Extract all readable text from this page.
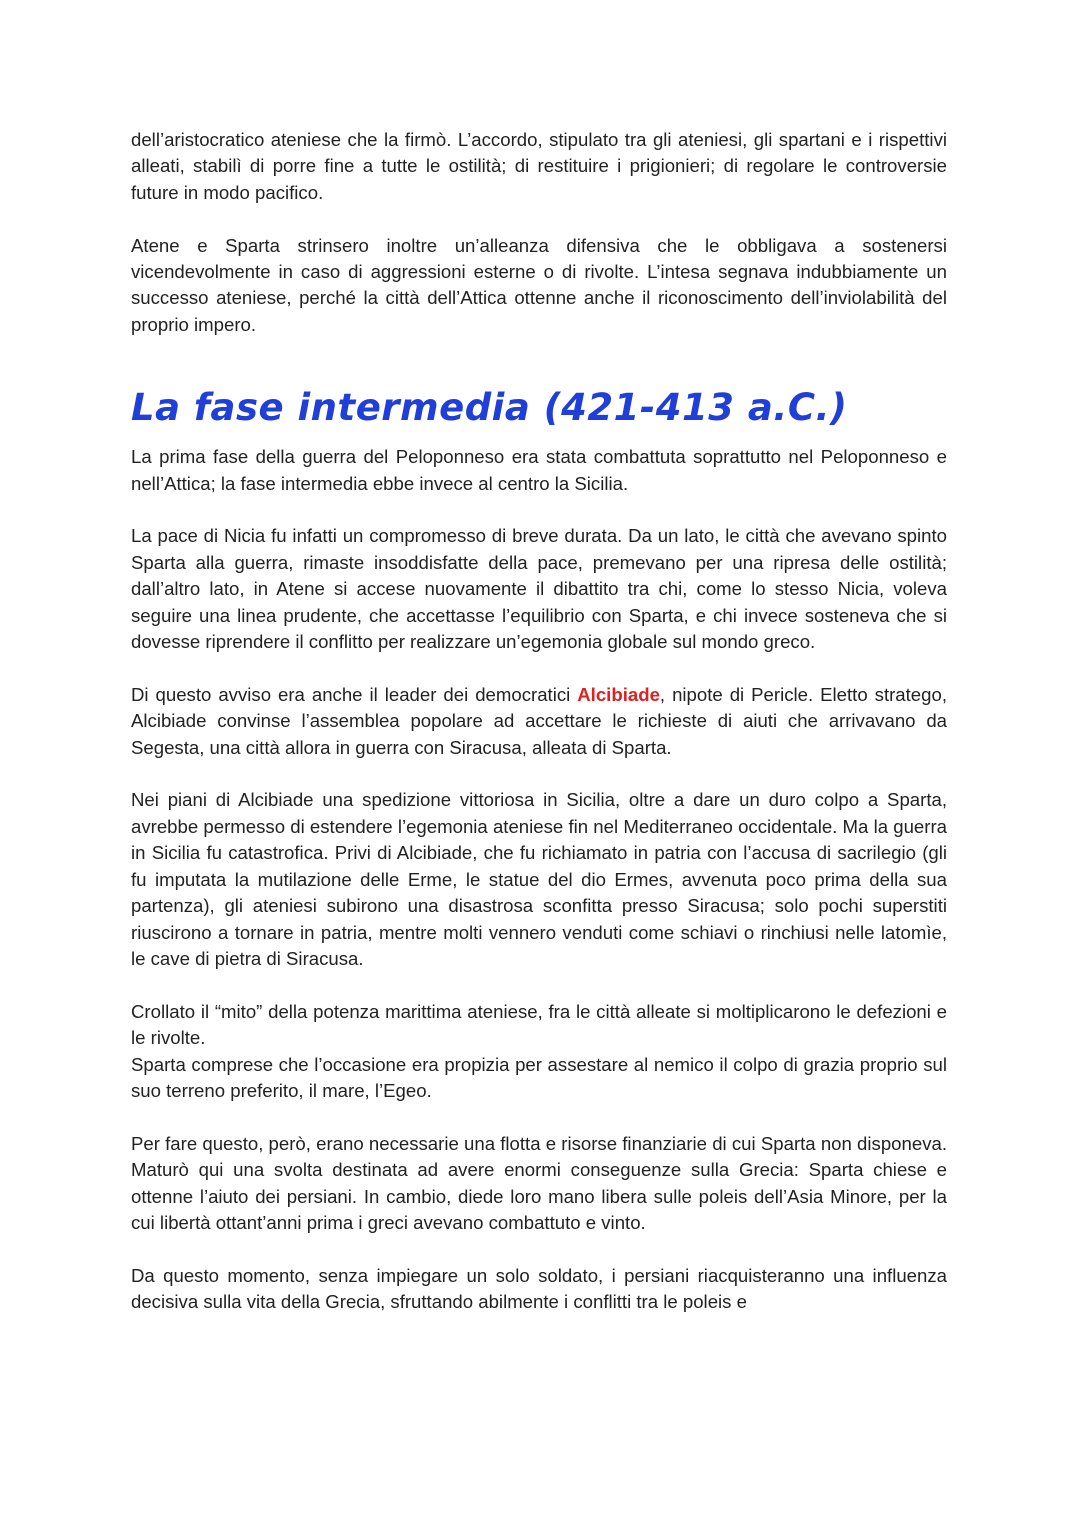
dell’aristocratico ateniese che la firmò. L’accordo, stipulato tra gli ateniesi, gli spartani e i rispettivi alleati, stabilì di porre fine a tutte le ostilità; di restituire i prigionieri; di regolare le controversie future in modo pacifico.

Atene e Sparta strinsero inoltre un’alleanza difensiva che le obbligava a sostenersi vicendevolmente in caso di aggressioni esterne o di rivolte. L’intesa segnava indubbiamente un successo ateniese, perché la città dell’Attica ottenne anche il riconoscimento dell’inviolabilità del proprio impero.

La fase intermedia (421-413 a.C.)

La prima fase della guerra del Peloponneso era stata combattuta soprattutto nel Peloponneso e nell’Attica; la fase intermedia ebbe invece al centro la Sicilia.

La pace di Nicia fu infatti un compromesso di breve durata. Da un lato, le città che avevano spinto Sparta alla guerra, rimaste insoddisfatte della pace, premevano per una ripresa delle ostilità; dall’altro lato, in Atene si accese nuovamente il dibattito tra chi, come lo stesso Nicia, voleva seguire una linea prudente, che accettasse l’equilibrio con Sparta, e chi invece sosteneva che si dovesse riprendere il conflitto per realizzare un’egemonia globale sul mondo greco.

Di questo avviso era anche il leader dei democratici Alcibiade, nipote di Pericle. Eletto stratego, Alcibiade convinse l’assemblea popolare ad accettare le richieste di aiuti che arrivavano da Segesta, una città allora in guerra con Siracusa, alleata di Sparta.

Nei piani di Alcibiade una spedizione vittoriosa in Sicilia, oltre a dare un duro colpo a Sparta, avrebbe permesso di estendere l’egemonia ateniese fin nel Mediterraneo occidentale. Ma la guerra in Sicilia fu catastrofica. Privi di Alcibiade, che fu richiamato in patria con l’accusa di sacrilegio (gli fu imputata la mutilazione delle Erme, le statue del dio Ermes, avvenuta poco prima della sua partenza), gli ateniesi subirono una disastrosa sconfitta presso Siracusa; solo pochi superstiti riuscirono a tornare in patria, mentre molti vennero venduti come schiavi o rinchiusi nelle latomìe, le cave di pietra di Siracusa.

Crollato il “mito” della potenza marittima ateniese, fra le città alleate si moltiplicarono le defezioni e le rivolte.

Sparta comprese che l’occasione era propizia per assestare al nemico il colpo di grazia proprio sul suo terreno preferito, il mare, l’Egeo.

Per fare questo, però, erano necessarie una flotta e risorse finanziarie di cui Sparta non disponeva. Maturò qui una svolta destinata ad avere enormi conseguenze sulla Grecia: Sparta chiese e ottenne l’aiuto dei persiani. In cambio, diede loro mano libera sulle poleis dell’Asia Minore, per la cui libertà ottant’anni prima i greci avevano combattuto e vinto.

Da questo momento, senza impiegare un solo soldato, i persiani riacquisteranno una influenza decisiva sulla vita della Grecia, sfruttando abilmente i conflitti tra le poleis e
